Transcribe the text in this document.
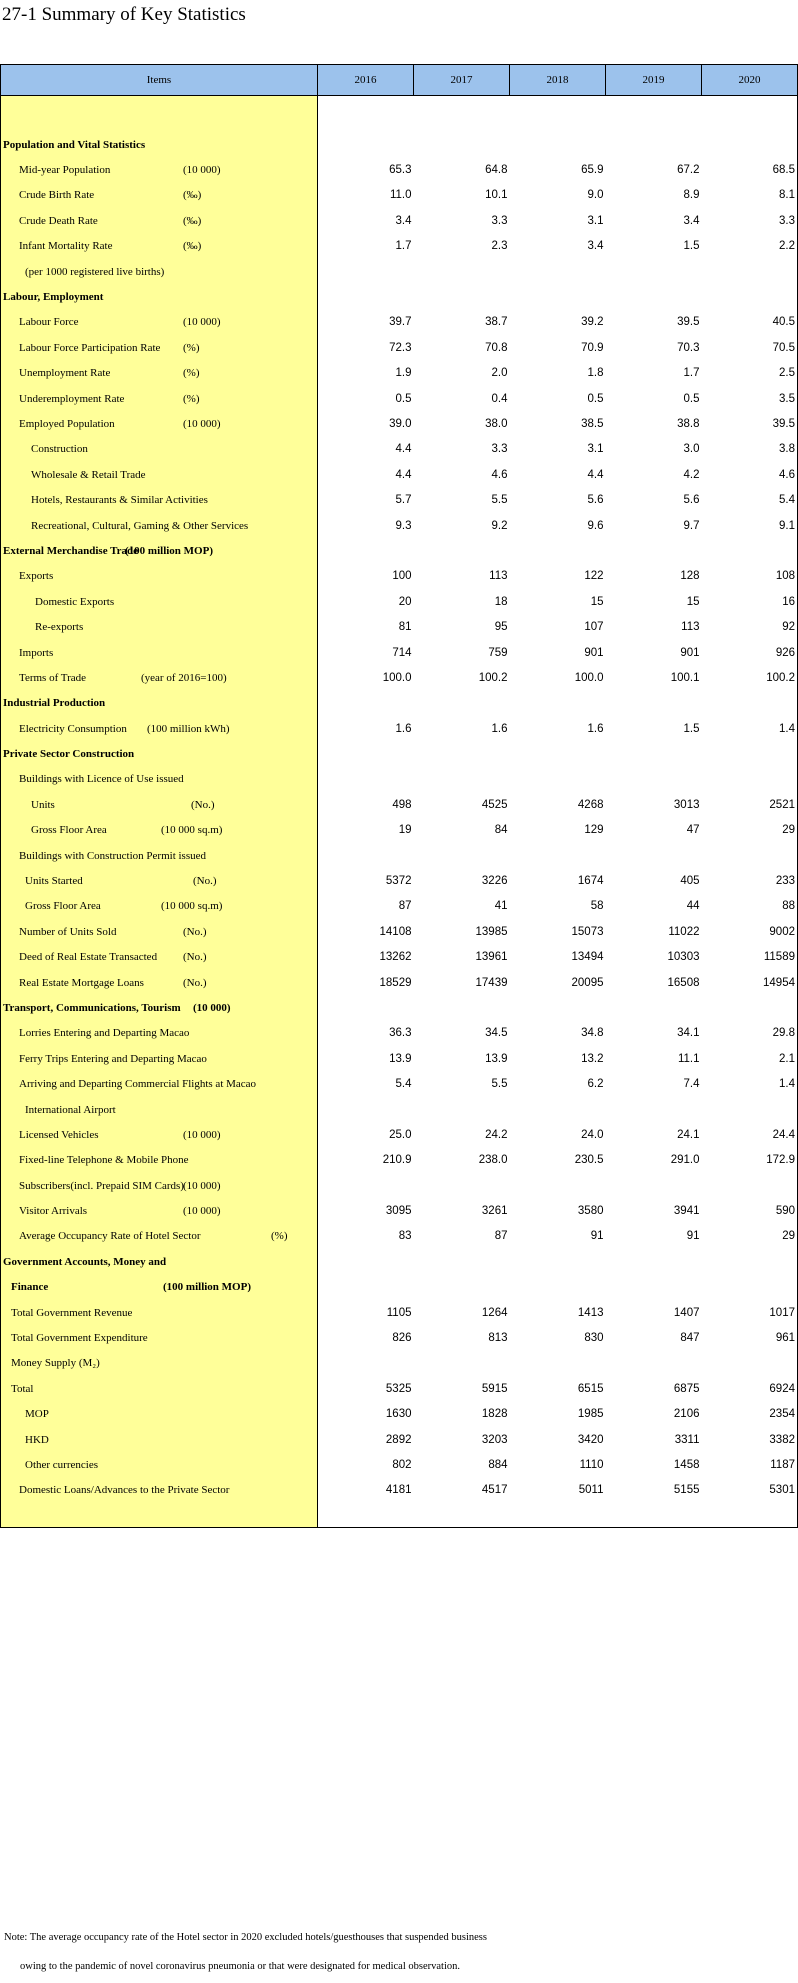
27-1 Summary of Key Statistics
Items	2016	2017	2018	2019	2020

Population and Vital Statistics					

Mid-year Population (10 000)	65.3	64.8	65.9	67.2	68.5

Crude Birth Rate (‰)	11.0	10.1	9.0	8.9	8.1

Crude Death Rate (‰)	3.4	3.3	3.1	3.4	3.3

Infant Mortality Rate (‰)	1.7	2.3	3.4	1.5	2.2

(per 1000 registered live births)					

Labour, Employment					

Labour Force (10 000)	39.7	38.7	39.2	39.5	40.5

Labour Force Participation Rate (%)	72.3	70.8	70.9	70.3	70.5

Unemployment Rate (%)	1.9	2.0	1.8	1.7	2.5

Underemployment Rate (%)	0.5	0.4	0.5	0.5	3.5

Employed Population (10 000)	39.0	38.0	38.5	38.8	39.5

Construction	4.4	3.3	3.1	3.0	3.8

Wholesale & Retail Trade	4.4	4.6	4.4	4.2	4.6

Hotels, Restaurants & Similar Activities	5.7	5.5	5.6	5.6	5.4

Recreational, Cultural, Gaming & Other Services	9.3	9.2	9.6	9.7	9.1

External Merchandise Trade
(100 million MOP)					

Exports	100	113	122	128	108

Domestic Exports	20	18	15	15	16

Re-exports	81	95	107	113	92

Imports	714	759	901	901	926

Terms of Trade (year of 2016=100)	100.0	100.2	100.0	100.1	100.2

Industrial Production					

Electricity Consumption (100 million kWh)	1.6	1.6	1.6	1.5	1.4

Private Sector Construction					

Buildings with Licence of Use issued					

Units (No.)	498	4525	4268	3013	2521

Gross Floor Area (10 000 sq.m)	19	84	129	47	29

Buildings with Construction Permit issued					

Units Started (No.)	5372	3226	1674	405	233

Gross Floor Area (10 000 sq.m)	87	41	58	44	88

Number of Units Sold (No.)	14108	13985	15073	11022	9002

Deed of Real Estate Transacted (No.)	13262	13961	13494	10303	11589

Real Estate Mortgage Loans (No.)	18529	17439	20095	16508	14954

Transport, Communications, Tourism (10 000)					

Lorries Entering and Departing Macao	36.3	34.5	34.8	34.1	29.8

Ferry Trips Entering and Departing Macao	13.9	13.9	13.2	11.1	2.1

Arriving and Departing Commercial Flights at Macao	5.4	5.5	6.2	7.4	1.4

International Airport					

Licensed Vehicles (10 000)	25.0	24.2	24.0	24.1	24.4

Fixed-line Telephone & Mobile Phone	210.9	238.0	230.5	291.0	172.9

Subscribers(incl. Prepaid SIM Cards) (10 000)					

Visitor Arrivals (10 000)	3095	3261	3580	3941	590

Average Occupancy Rate of Hotel Sector (%)	83	87	91	91	29

Government Accounts, Money and					

Finance (100 million MOP)					

Total Government Revenue	1105	1264	1413	1407	1017

Total Government Expenditure	826	813	830	847	961

Money Supply (M₂)					

Total	5325	5915	6515	6875	6924

MOP	1630	1828	1985	2106	2354

HKD	2892	3203	3420	3311	3382

Other currencies	802	884	1110	1458	1187

Domestic Loans/Advances to the Private Sector	4181	4517	5011	5155	5301

Note: The average occupancy rate of the Hotel sector in 2020 excluded hotels/guesthouses that suspended business
owing to the pandemic of novel coronavirus pneumonia or that were designated for medical observation.
